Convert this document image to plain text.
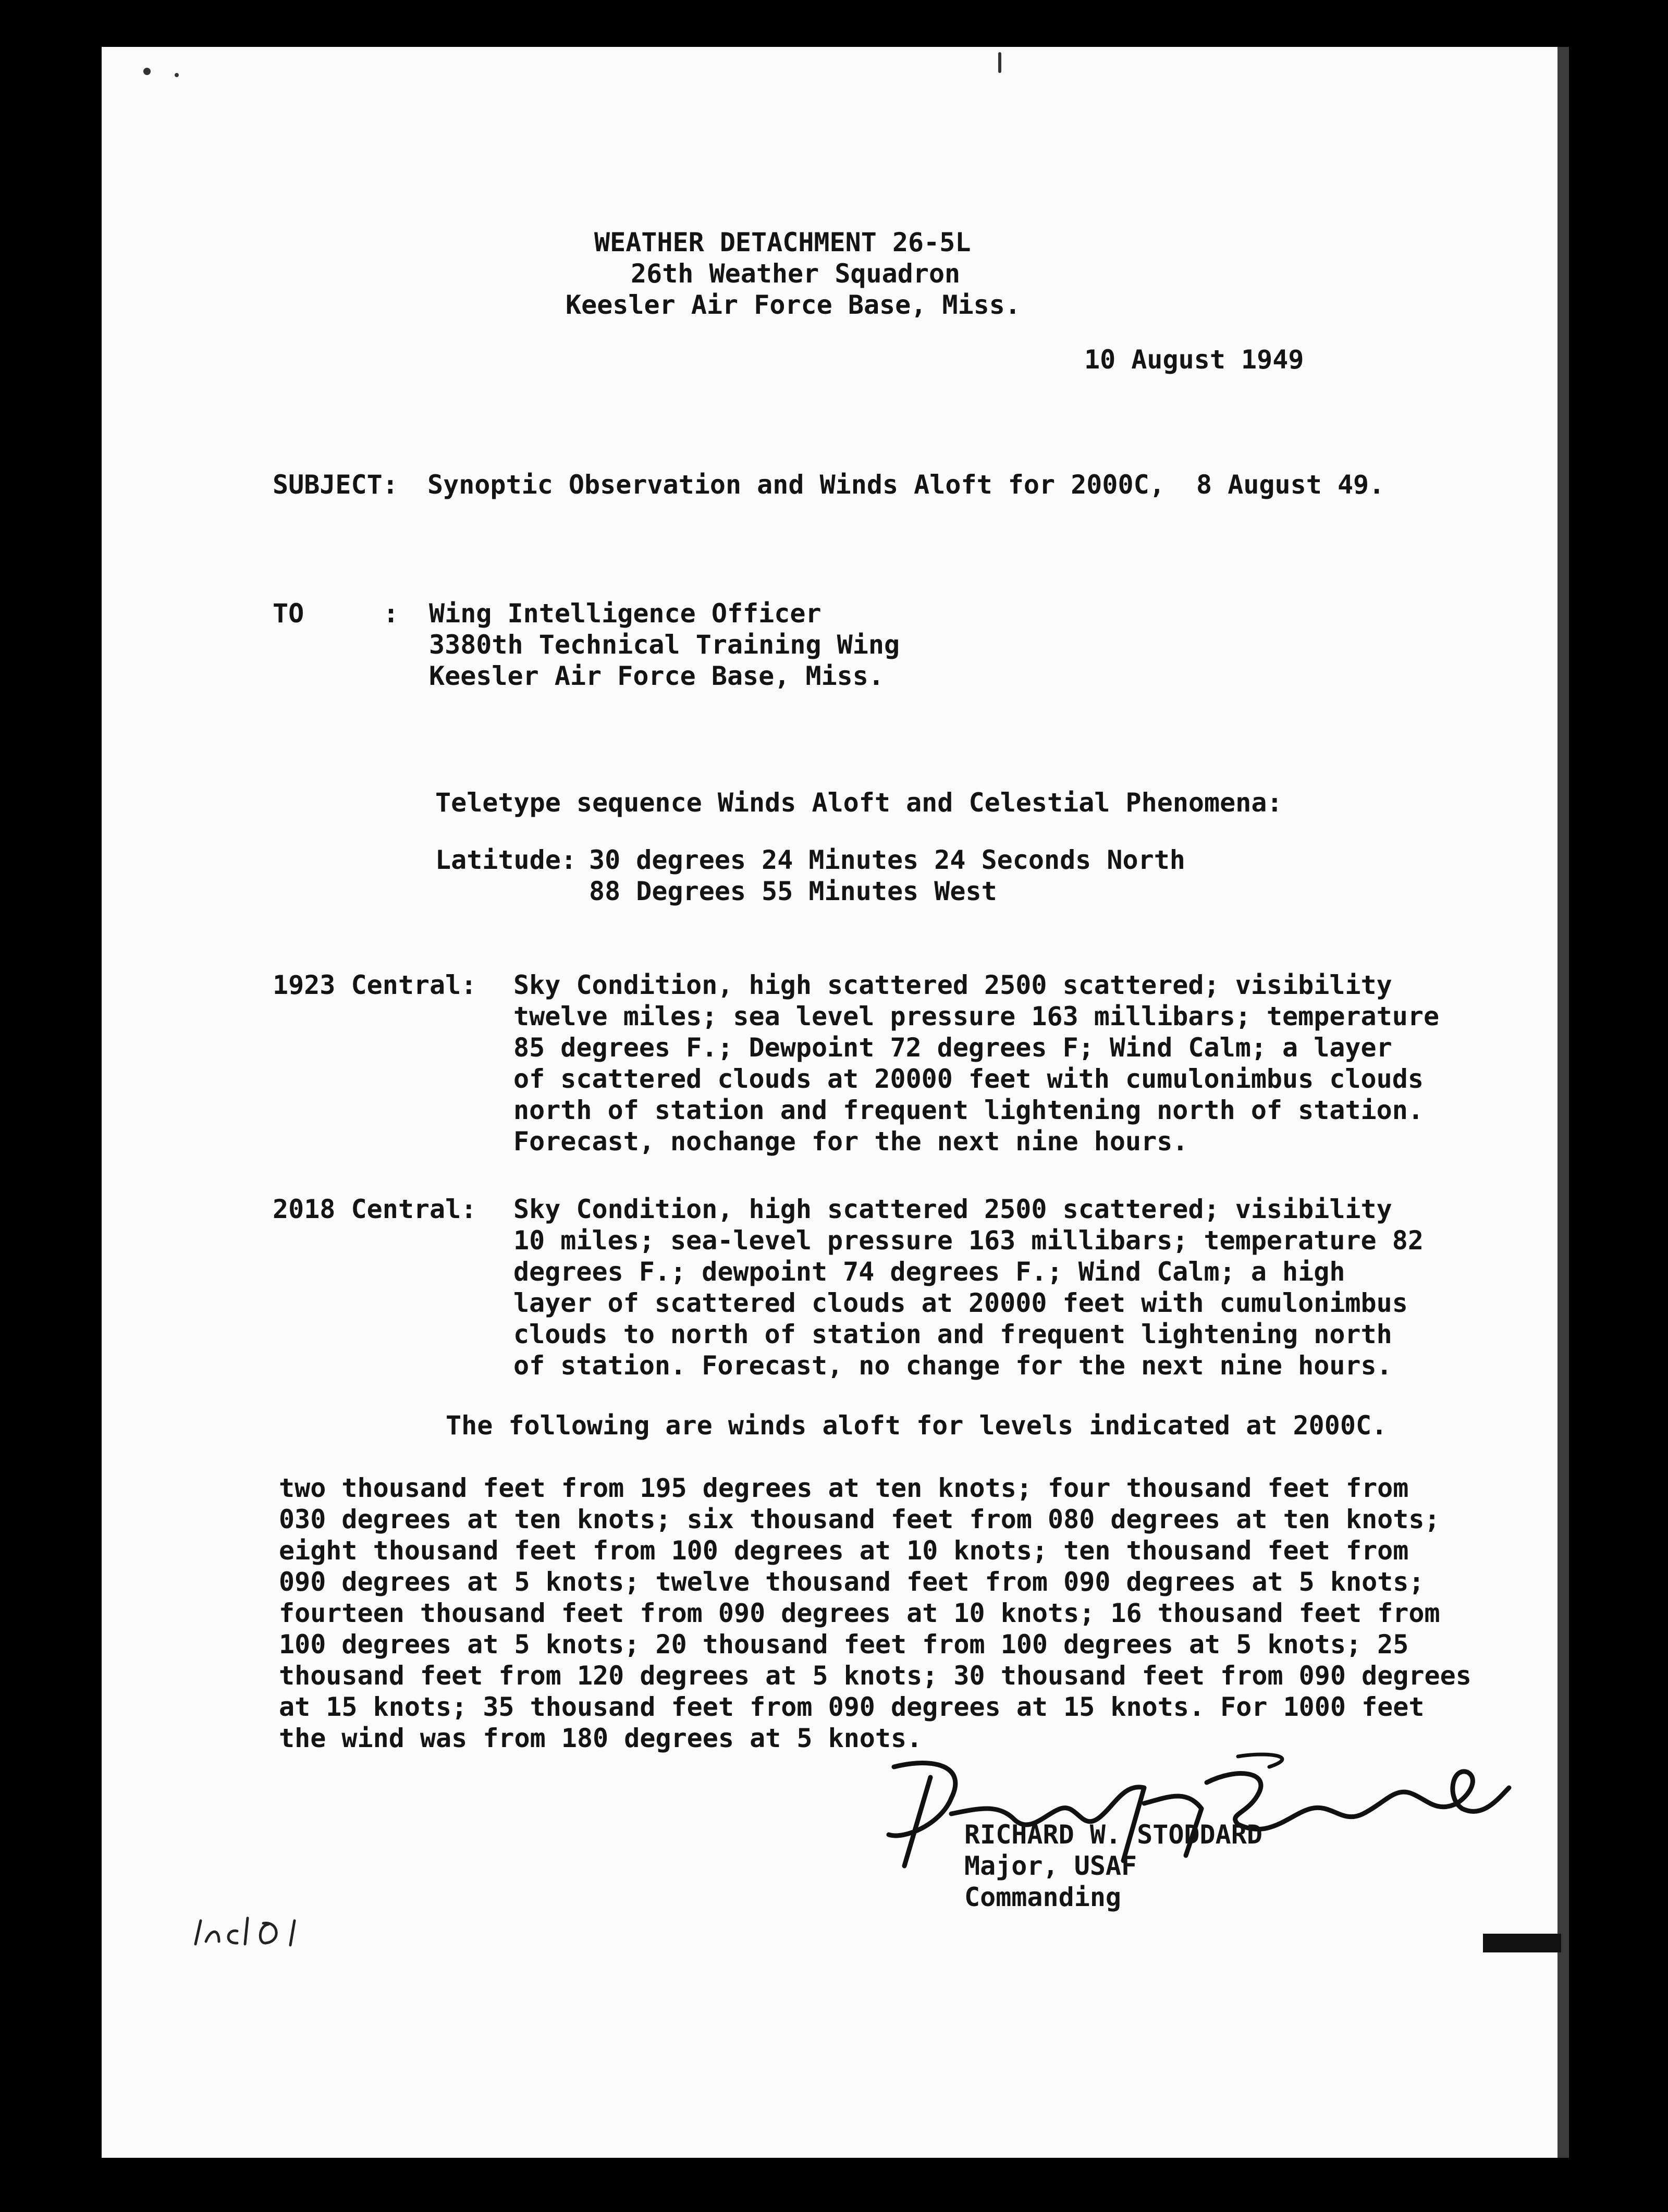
WEATHER DETACHMENT 26-5L
26th Weather Squadron
Keesler Air Force Base, Miss.
10 August 1949
SUBJECT: Synoptic Observation and Winds Aloft for 2000C,  8 August 49.
TO	: Wing Intelligence Officer
3380th Technical Training Wing
Keesler Air Force Base, Miss.
Teletype sequence Winds Aloft and Celestial Phenomena:
Latitude: 30 degrees 24 Minutes 24 Seconds North
88 Degrees 55 Minutes West
1923 Central: Sky Condition, high scattered 2500 scattered; visibility
twelve miles; sea level pressure 163 millibars; temperature
85 degrees F.; Dewpoint 72 degrees F; Wind Calm; a layer
of scattered clouds at 20000 feet with cumulonimbus clouds
north of station and frequent lightening north of station.
Forecast, nochange for the next nine hours.
2018 Central: Sky Condition, high scattered 2500 scattered; visibility
10 miles; sea-level pressure 163 millibars; temperature 82
degrees F.; dewpoint 74 degrees F.; Wind Calm; a high
layer of scattered clouds at 20000 feet with cumulonimbus
clouds to north of station and frequent lightening north
of station. Forecast, no change for the next nine hours.
The following are winds aloft for levels indicated at 2000C.
two thousand feet from 195 degrees at ten knots; four thousand feet from
030 degrees at ten knots; six thousand feet from 080 degrees at ten knots;
eight thousand feet from 100 degrees at 10 knots; ten thousand feet from
090 degrees at 5 knots; twelve thousand feet from 090 degrees at 5 knots;
fourteen thousand feet from 090 degrees at 10 knots; 16 thousand feet from
100 degrees at 5 knots; 20 thousand feet from 100 degrees at 5 knots; 25
thousand feet from 120 degrees at 5 knots; 30 thousand feet from 090 degrees
at 15 knots; 35 thousand feet from 090 degrees at 15 knots. For 1000 feet
the wind was from 180 degrees at 5 knots.
RICHARD W. STODDARD
Major, USAF
Commanding
